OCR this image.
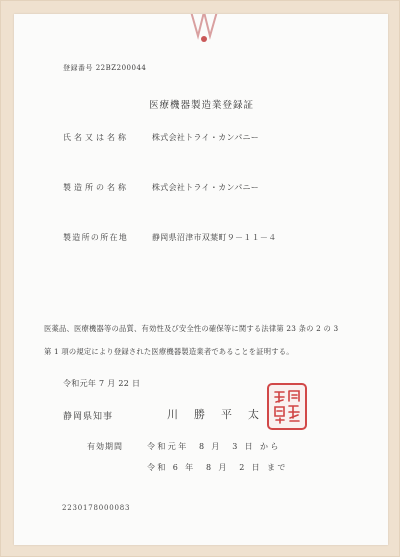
登録番号 22BZ200044
医療機器製造業登録証
氏名又は名称	株式会社トライ・カンパニー
製造所の名称	株式会社トライ・カンパニー
製造所の所在地	静岡県沼津市双葉町９－１１－４
医薬品、医療機器等の品質、有効性及び安全性の確保等に関する法律第 23 条の 2 の 3
第 1 項の規定により登録された医療機器製造業者であることを証明する。
令和元年 7 月 22 日
静岡県知事	川勝平太
有効期間	令和元年　8 月　3 日 から
令和 6 年　8 月　2 日 まで
2230178000083
